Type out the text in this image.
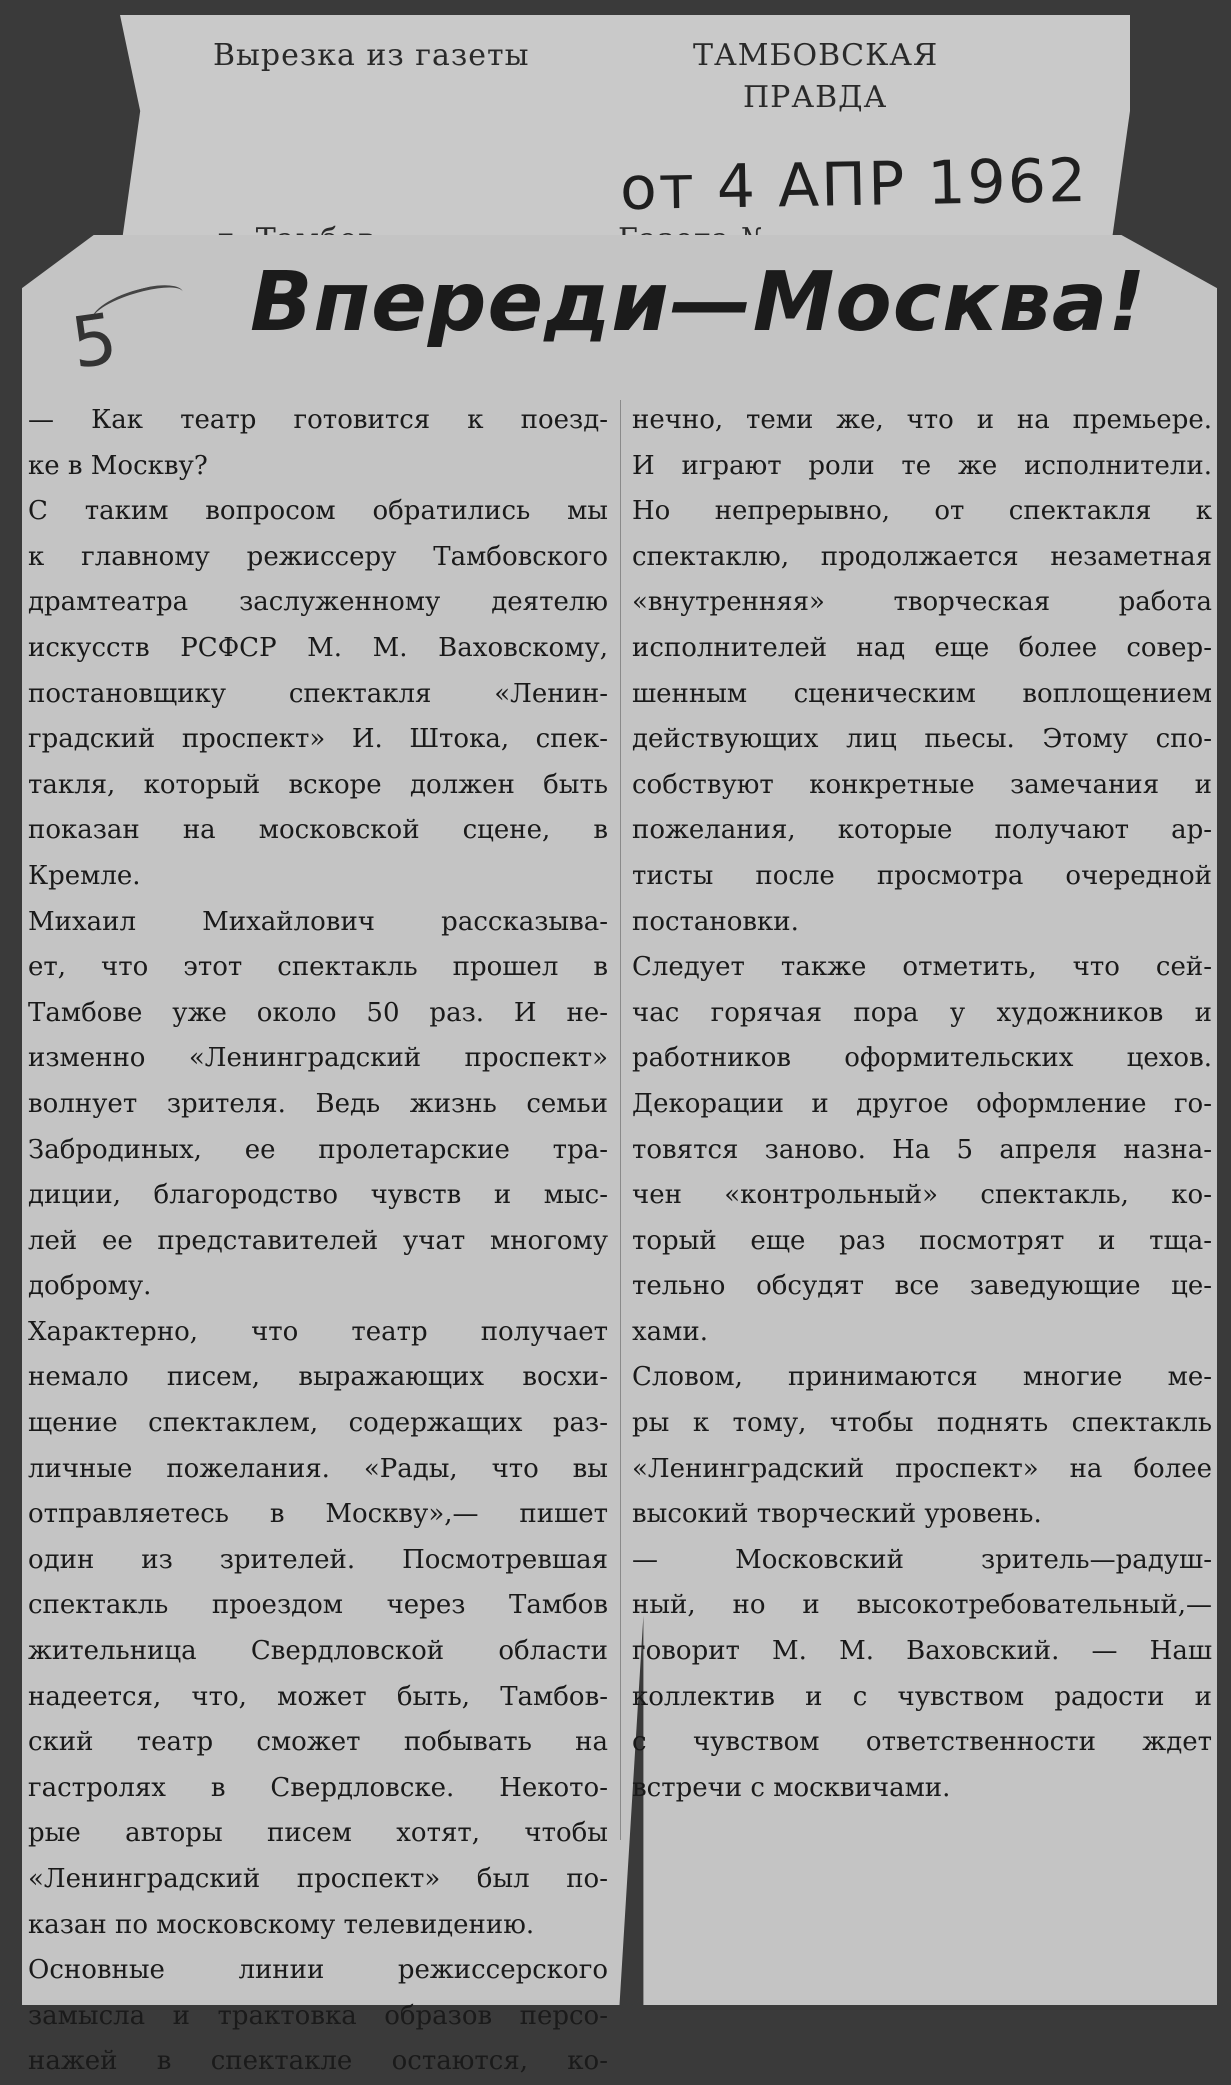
Вырезка из газеты	ТАМБОВСКАЯ
ПРАВДА
от 4 АПР 1962
5 Впереди—Москва!
— Как театр готовится к поезд-
ке в Москву?
С таким вопросом обратились мы
к главному режиссеру Тамбовского
драмтеатра заслуженному деятелю
искусств РСФСР М. М. Ваховскому,
постановщику спектакля «Ленин-
градский проспект» И. Штока, спек-
такля, который вскоре должен быть
показан на московской сцене, в
Кремле.
Михаил Михайлович рассказыва-
ет, что этот спектакль прошел в
Тамбове уже около 50 раз. И не-
изменно «Ленинградский проспект»
волнует зрителя. Ведь жизнь семьи
Забродиных, ее пролетарские тра-
диции, благородство чувств и мыс-
лей ее представителей учат многому
доброму.
Характерно, что театр получает
немало писем, выражающих восхи-
щение спектаклем, содержащих раз-
личные пожелания. «Рады, что вы
отправляетесь в Москву»,— пишет
один из зрителей. Посмотревшая
спектакль проездом через Тамбов
жительница Свердловской области
надеется, что, может быть, Тамбов-
ский театр сможет побывать на
гастролях в Свердловске. Некото-
рые авторы писем хотят, чтобы
«Ленинградский проспект» был по-
казан по московскому телевидению.
Основные линии режиссерского
замысла и трактовка образов персо-
нажей в спектакле остаются, ко-
нечно, теми же, что и на премьере.
И играют роли те же исполнители.
Но непрерывно, от спектакля к
спектаклю, продолжается незаметная
«внутренняя» творческая работа
исполнителей над еще более совер-
шенным сценическим воплощением
действующих лиц пьесы. Этому спо-
собствуют конкретные замечания и
пожелания, которые получают ар-
тисты после просмотра очередной
постановки.
Следует также отметить, что сей-
час горячая пора у художников и
работников оформительских цехов.
Декорации и другое оформление го-
товятся заново. На 5 апреля назна-
чен «контрольный» спектакль, ко-
торый еще раз посмотрят и тща-
тельно обсудят все заведующие це-
хами.
Словом, принимаются многие ме-
ры к тому, чтобы поднять спектакль
«Ленинградский проспект» на более
высокий творческий уровень.
— Московский зритель—радуш-
ный, но и высокотребовательный,—
говорит М. М. Ваховский. — Наш
коллектив и с чувством радости и
с чувством ответственности ждет
встречи с москвичами.
